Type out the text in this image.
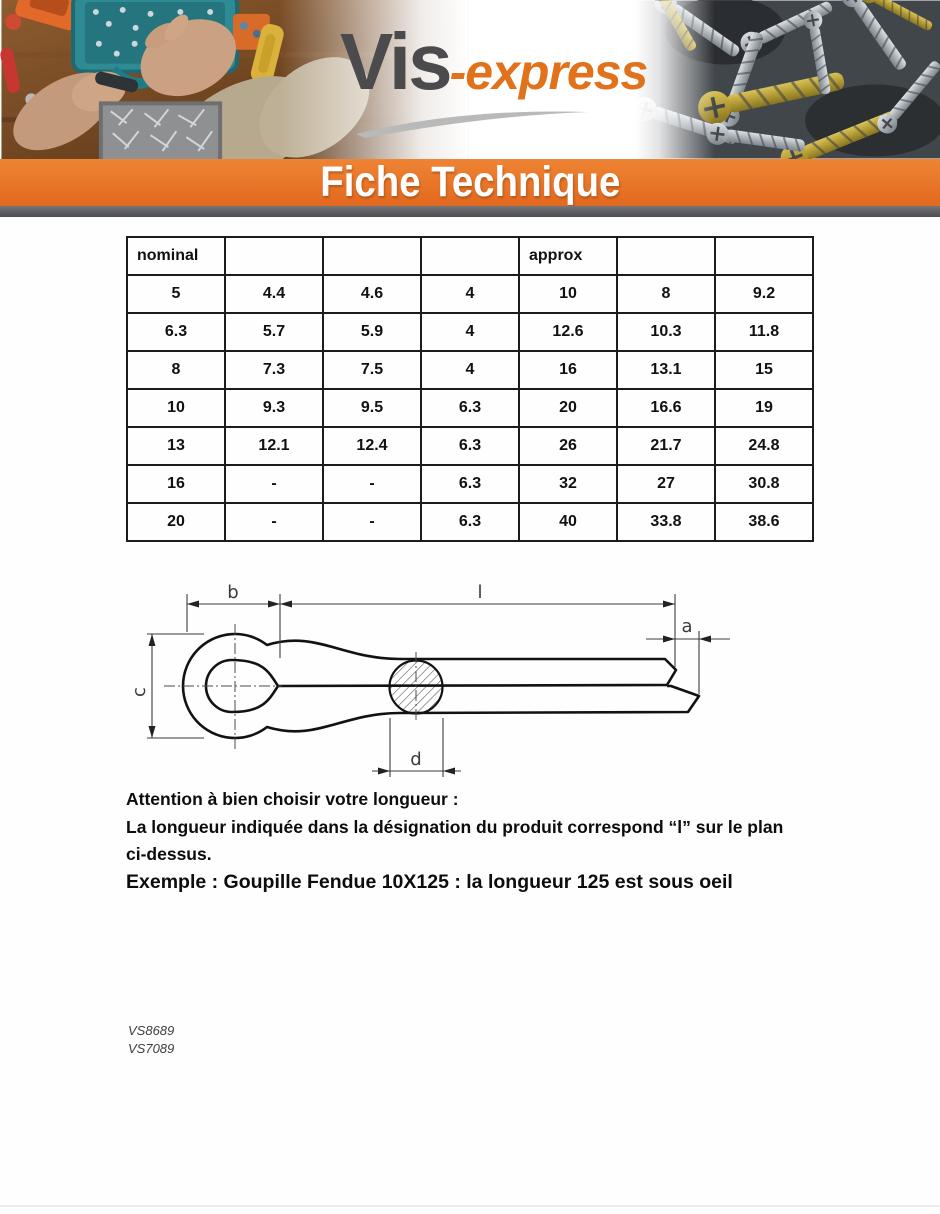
Vis-express
Fiche Technique
nominal				approx		
5	4.4	4.6	4	10	8	9.2
6.3	5.7	5.9	4	12.6	10.3	11.8
8	7.3	7.5	4	16	13.1	15
10	9.3	9.5	6.3	20	16.6	19
13	12.1	12.4	6.3	26	21.7	24.8
16	-	-	6.3	32	27	30.8
20	-	-	6.3	40	33.8	38.6
b	l
a
c
d

Attention à bien choisir votre longueur :

La longueur indiquée dans la désignation du produit correspond “l” sur le plan

ci-dessus.

Exemple : Goupille Fendue 10X125 : la longueur 125 est sous oeil

VS8689
VS7089
